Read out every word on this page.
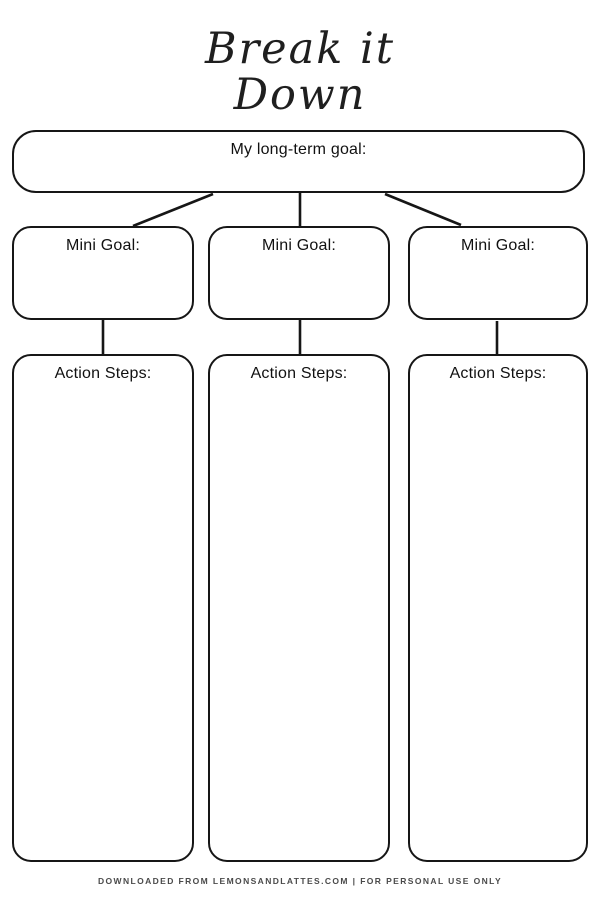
Break it
Down
My long-term goal:
Mini Goal:	Mini Goal:	Mini Goal:
Action Steps:	Action Steps:	Action Steps:
DOWNLOADED FROM LEMONSANDLATTES.COM | FOR PERSONAL USE ONLY
